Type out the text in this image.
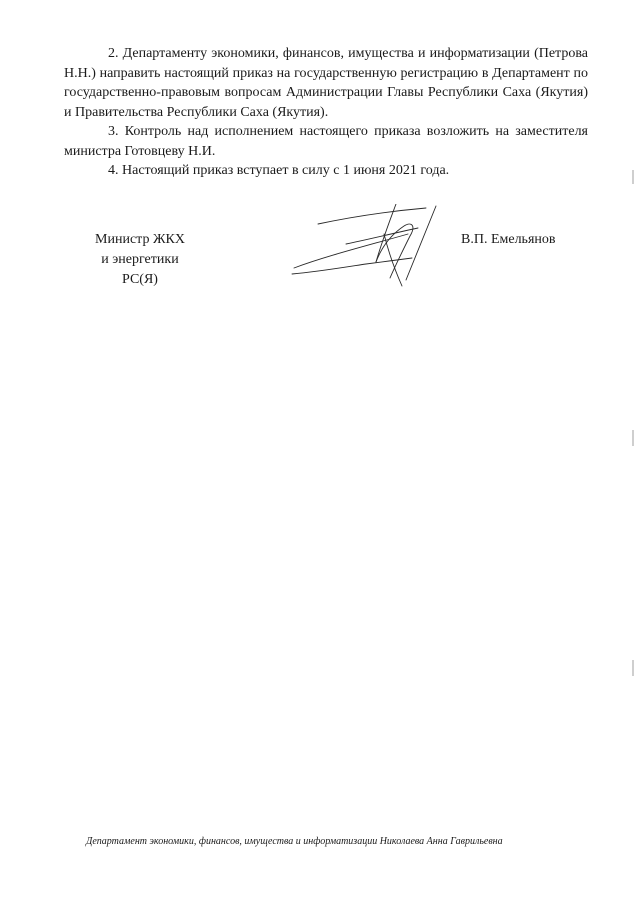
2. Департаменту экономики, финансов, имущества и информатизации (Петрова Н.Н.) направить настоящий приказ на государственную регистрацию в Департамент по государственно-правовым вопросам Администрации Главы Республики Саха (Якутия) и Правительства Республики Саха (Якутия).

3. Контроль над исполнением настоящего приказа возложить на заместителя министра Готовцеву Н.И.

4. Настоящий приказ вступает в силу с 1 июня 2021 года.

Министр ЖКХ
и энергетики
РС(Я)
В.П. Емельянов
Департамент экономики, финансов, имущества и информатизации Николаева Анна Гаврильевна
